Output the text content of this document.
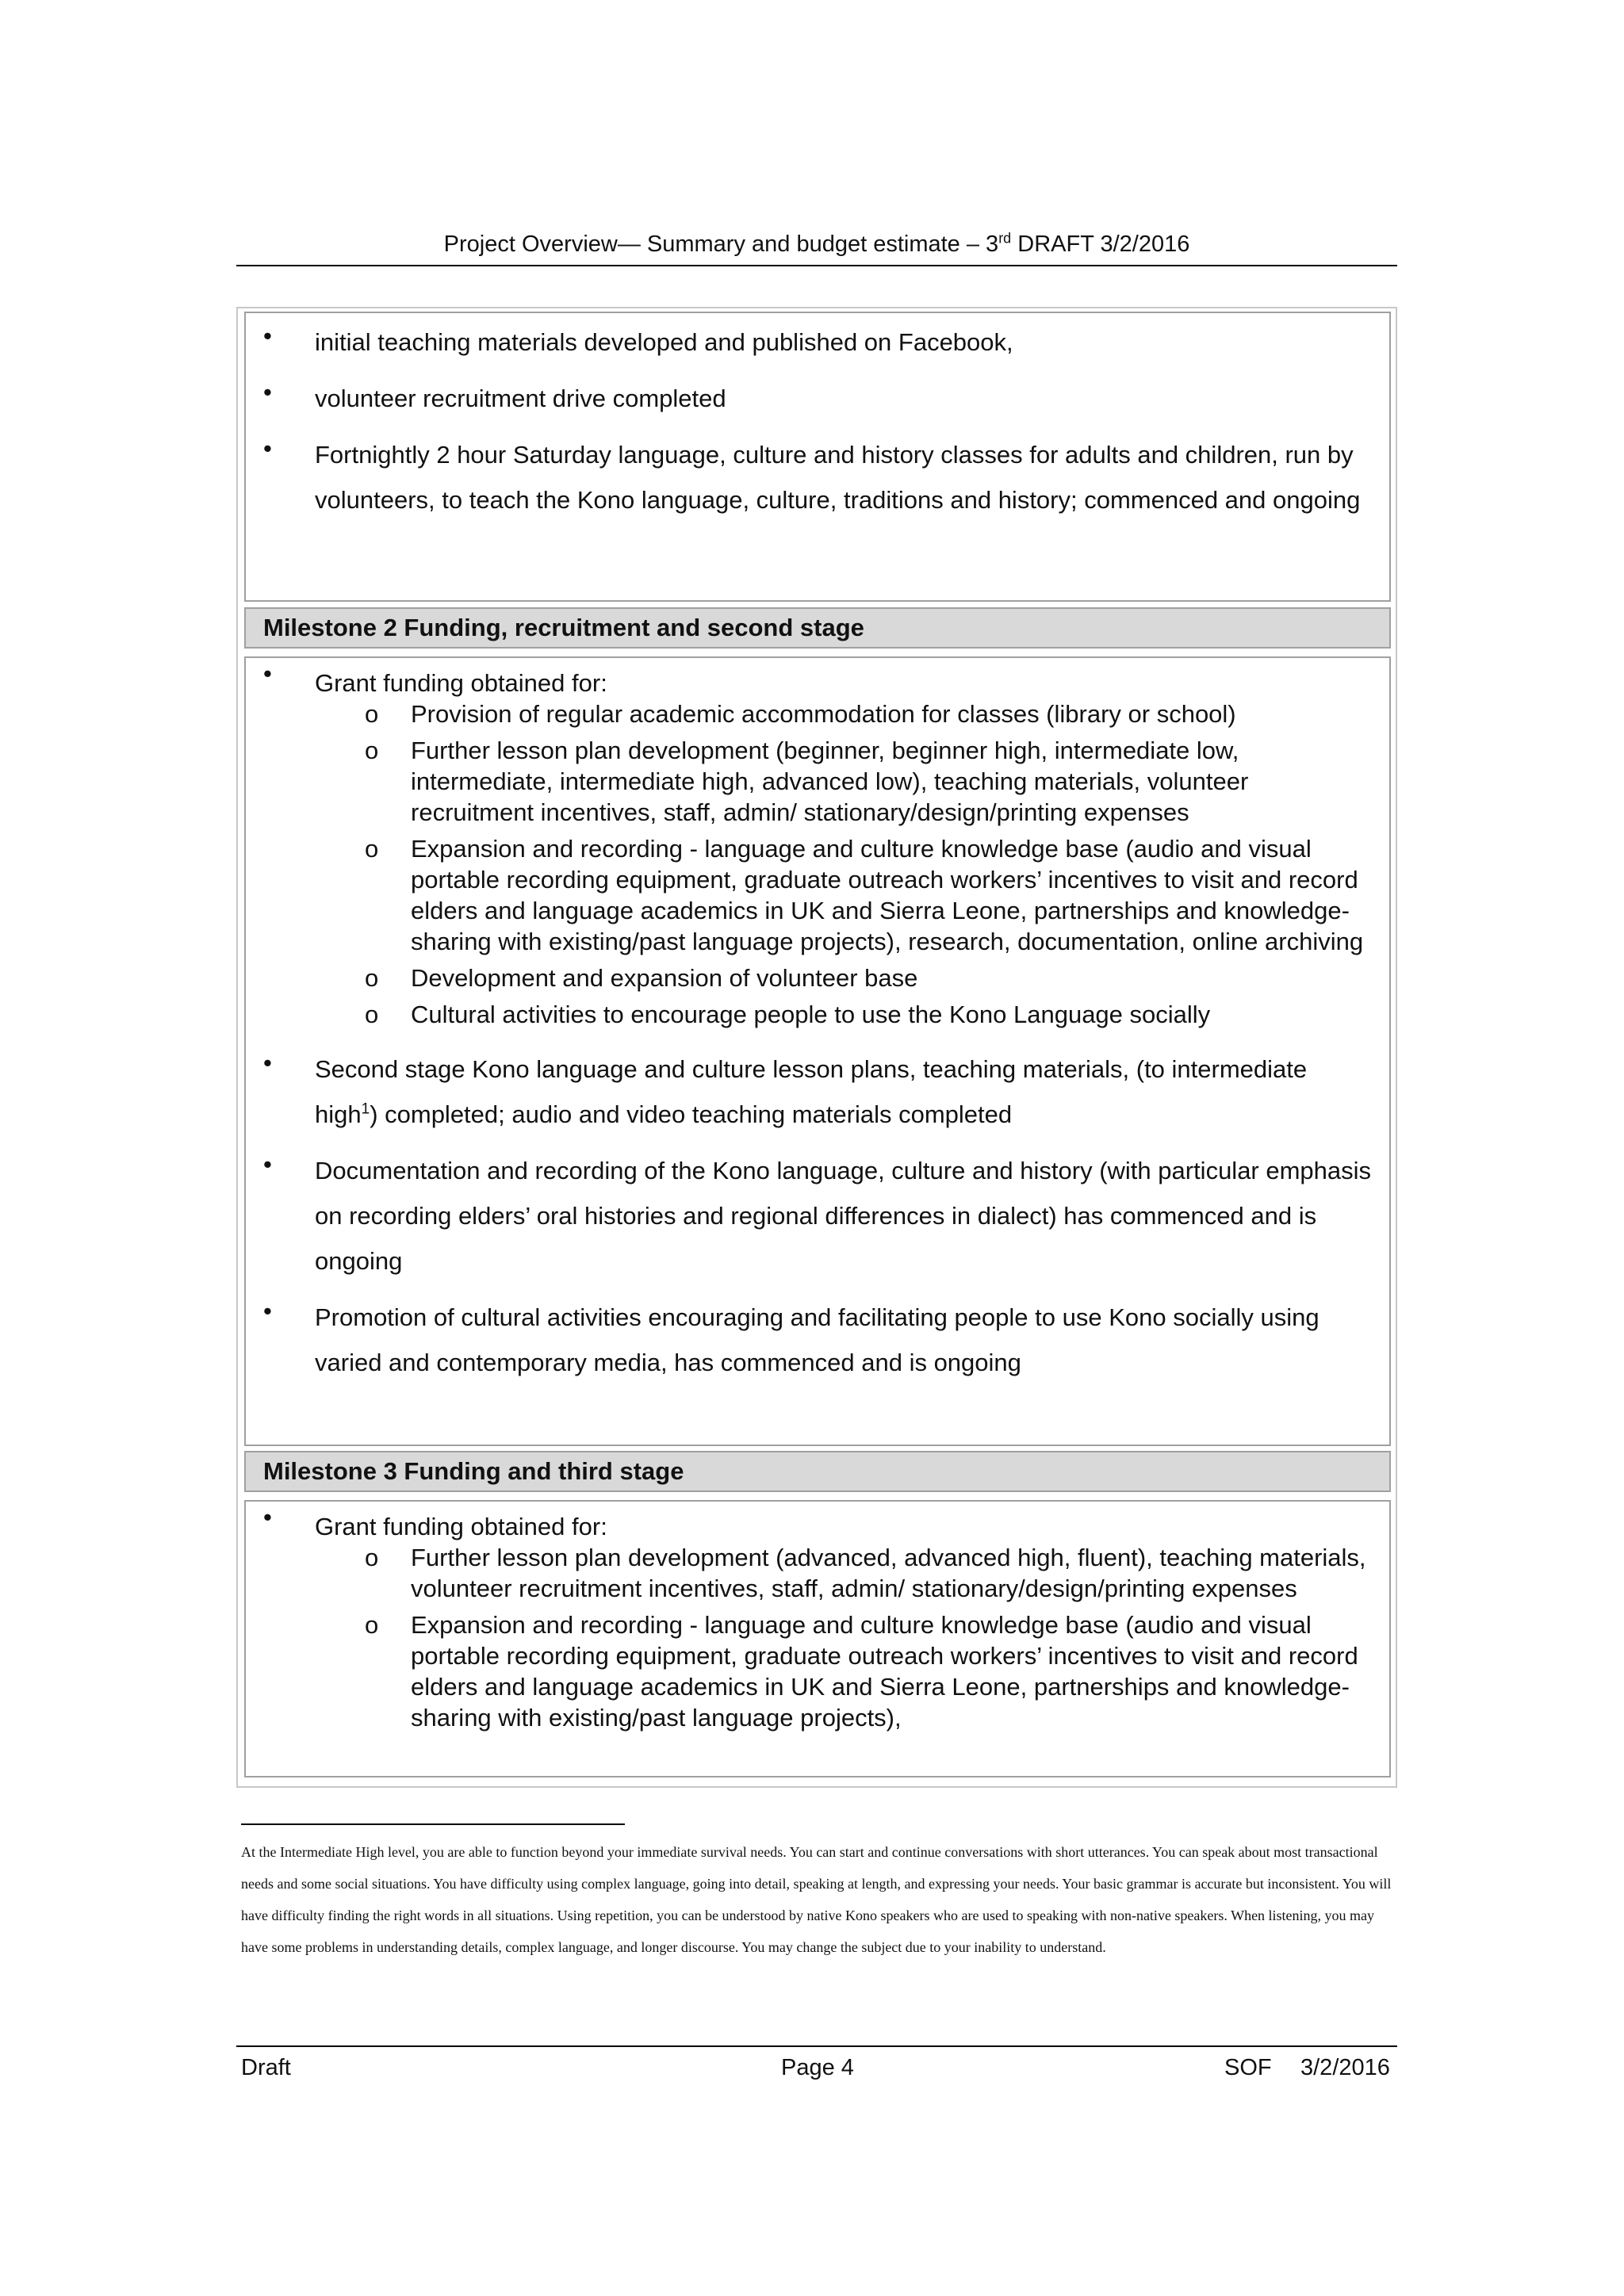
Project Overview— Summary and budget estimate – 3rd DRAFT 3/2/2016
• initial teaching materials developed and published on Facebook,
• volunteer recruitment drive completed
• Fortnightly 2 hour Saturday language, culture and history classes for adults and children, run by volunteers, to teach the Kono language, culture, traditions and history; commenced and ongoing
Milestone 2 Funding, recruitment and second stage
• Grant funding obtained for:
o Provision of regular academic accommodation for classes (library or school)
o Further lesson plan development (beginner, beginner high, intermediate low, intermediate, intermediate high, advanced low), teaching materials, volunteer recruitment incentives, staff, admin/ stationary/design/printing expenses
o Expansion and recording - language and culture knowledge base (audio and visual portable recording equipment, graduate outreach workers’ incentives to visit and record elders and language academics in UK and Sierra Leone, partnerships and knowledge-sharing with existing/past language projects), research, documentation, online archiving
o Development and expansion of volunteer base
o Cultural activities to encourage people to use the Kono Language socially
• Second stage Kono language and culture lesson plans, teaching materials, (to intermediate high$^1$) completed; audio and video teaching materials completed
• Documentation and recording of the Kono language, culture and history (with particular emphasis on recording elders’ oral histories and regional differences in dialect) has commenced and is ongoing
• Promotion of cultural activities encouraging and facilitating people to use Kono socially using varied and contemporary media, has commenced and is ongoing
Milestone 3 Funding and third stage
• Grant funding obtained for:
o Further lesson plan development (advanced, advanced high, fluent), teaching materials, volunteer recruitment incentives, staff, admin/ stationary/design/printing expenses
o Expansion and recording - language and culture knowledge base (audio and visual portable recording equipment, graduate outreach workers’ incentives to visit and record elders and language academics in UK and Sierra Leone, partnerships and knowledge-sharing with existing/past language projects),
At the Intermediate High level, you are able to function beyond your immediate survival needs. You can start and continue conversations with short utterances. You can speak about most transactional needs and some social situations. You have difficulty using complex language, going into detail, speaking at length, and expressing your needs. Your basic grammar is accurate but inconsistent. You will have difficulty finding the right words in all situations. Using repetition, you can be understood by native Kono speakers who are used to speaking with non-native speakers. When listening, you may have some problems in understanding details, complex language, and longer discourse. You may change the subject due to your inability to understand.
Draft	Page 4	SOF 3/2/2016
